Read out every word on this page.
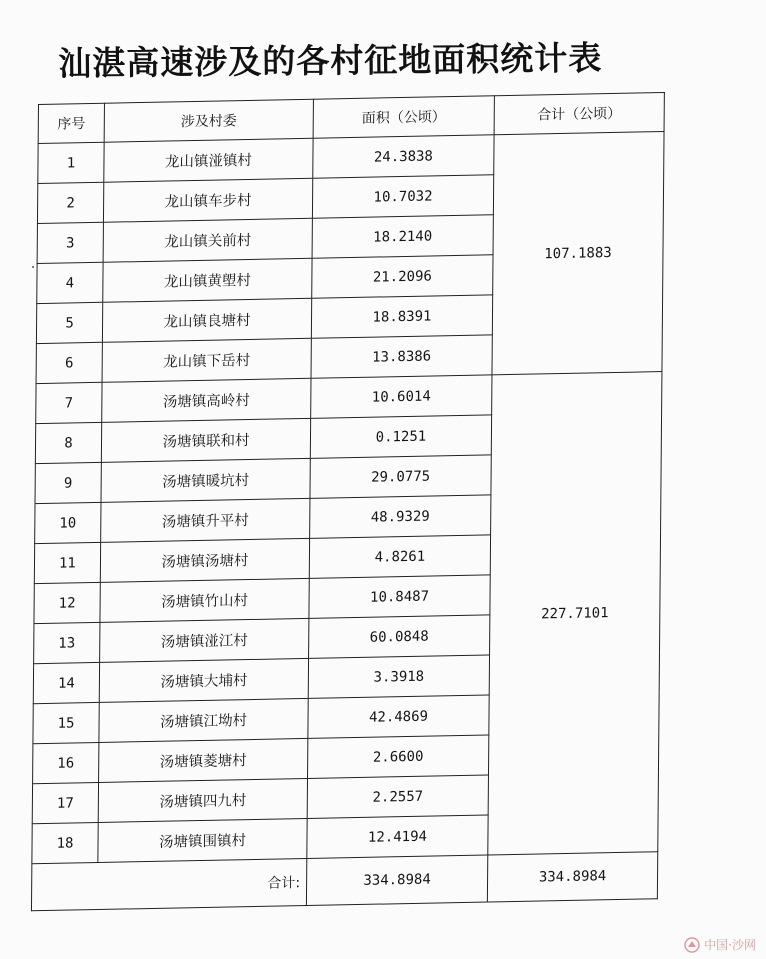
汕湛高速涉及的各村征地面积统计表
序号	涉及村委	面积（公顷）	合计（公顷）
1	龙山镇湴镇村	24.3838	107.1883
2	龙山镇车步村	10.7032	
3	龙山镇关前村	18.2140	
4	龙山镇黄塱村	21.2096	
5	龙山镇良塘村	18.8391	
6	龙山镇下岳村	13.8386	
7	汤塘镇高岭村	10.6014	227.7101
8	汤塘镇联和村	0.1251	
9	汤塘镇暖坑村	29.0775	
10	汤塘镇升平村	48.9329	
11	汤塘镇汤塘村	4.8261	
12	汤塘镇竹山村	10.8487	
13	汤塘镇湴江村	60.0848	
14	汤塘镇大埔村	3.3918	
15	汤塘镇江坳村	42.4869	
16	汤塘镇菱塘村	2.6600	
17	汤塘镇四九村	2.2557	
18	汤塘镇围镇村	12.4194	
合计:		334.8984	334.8984
中国·沙网
